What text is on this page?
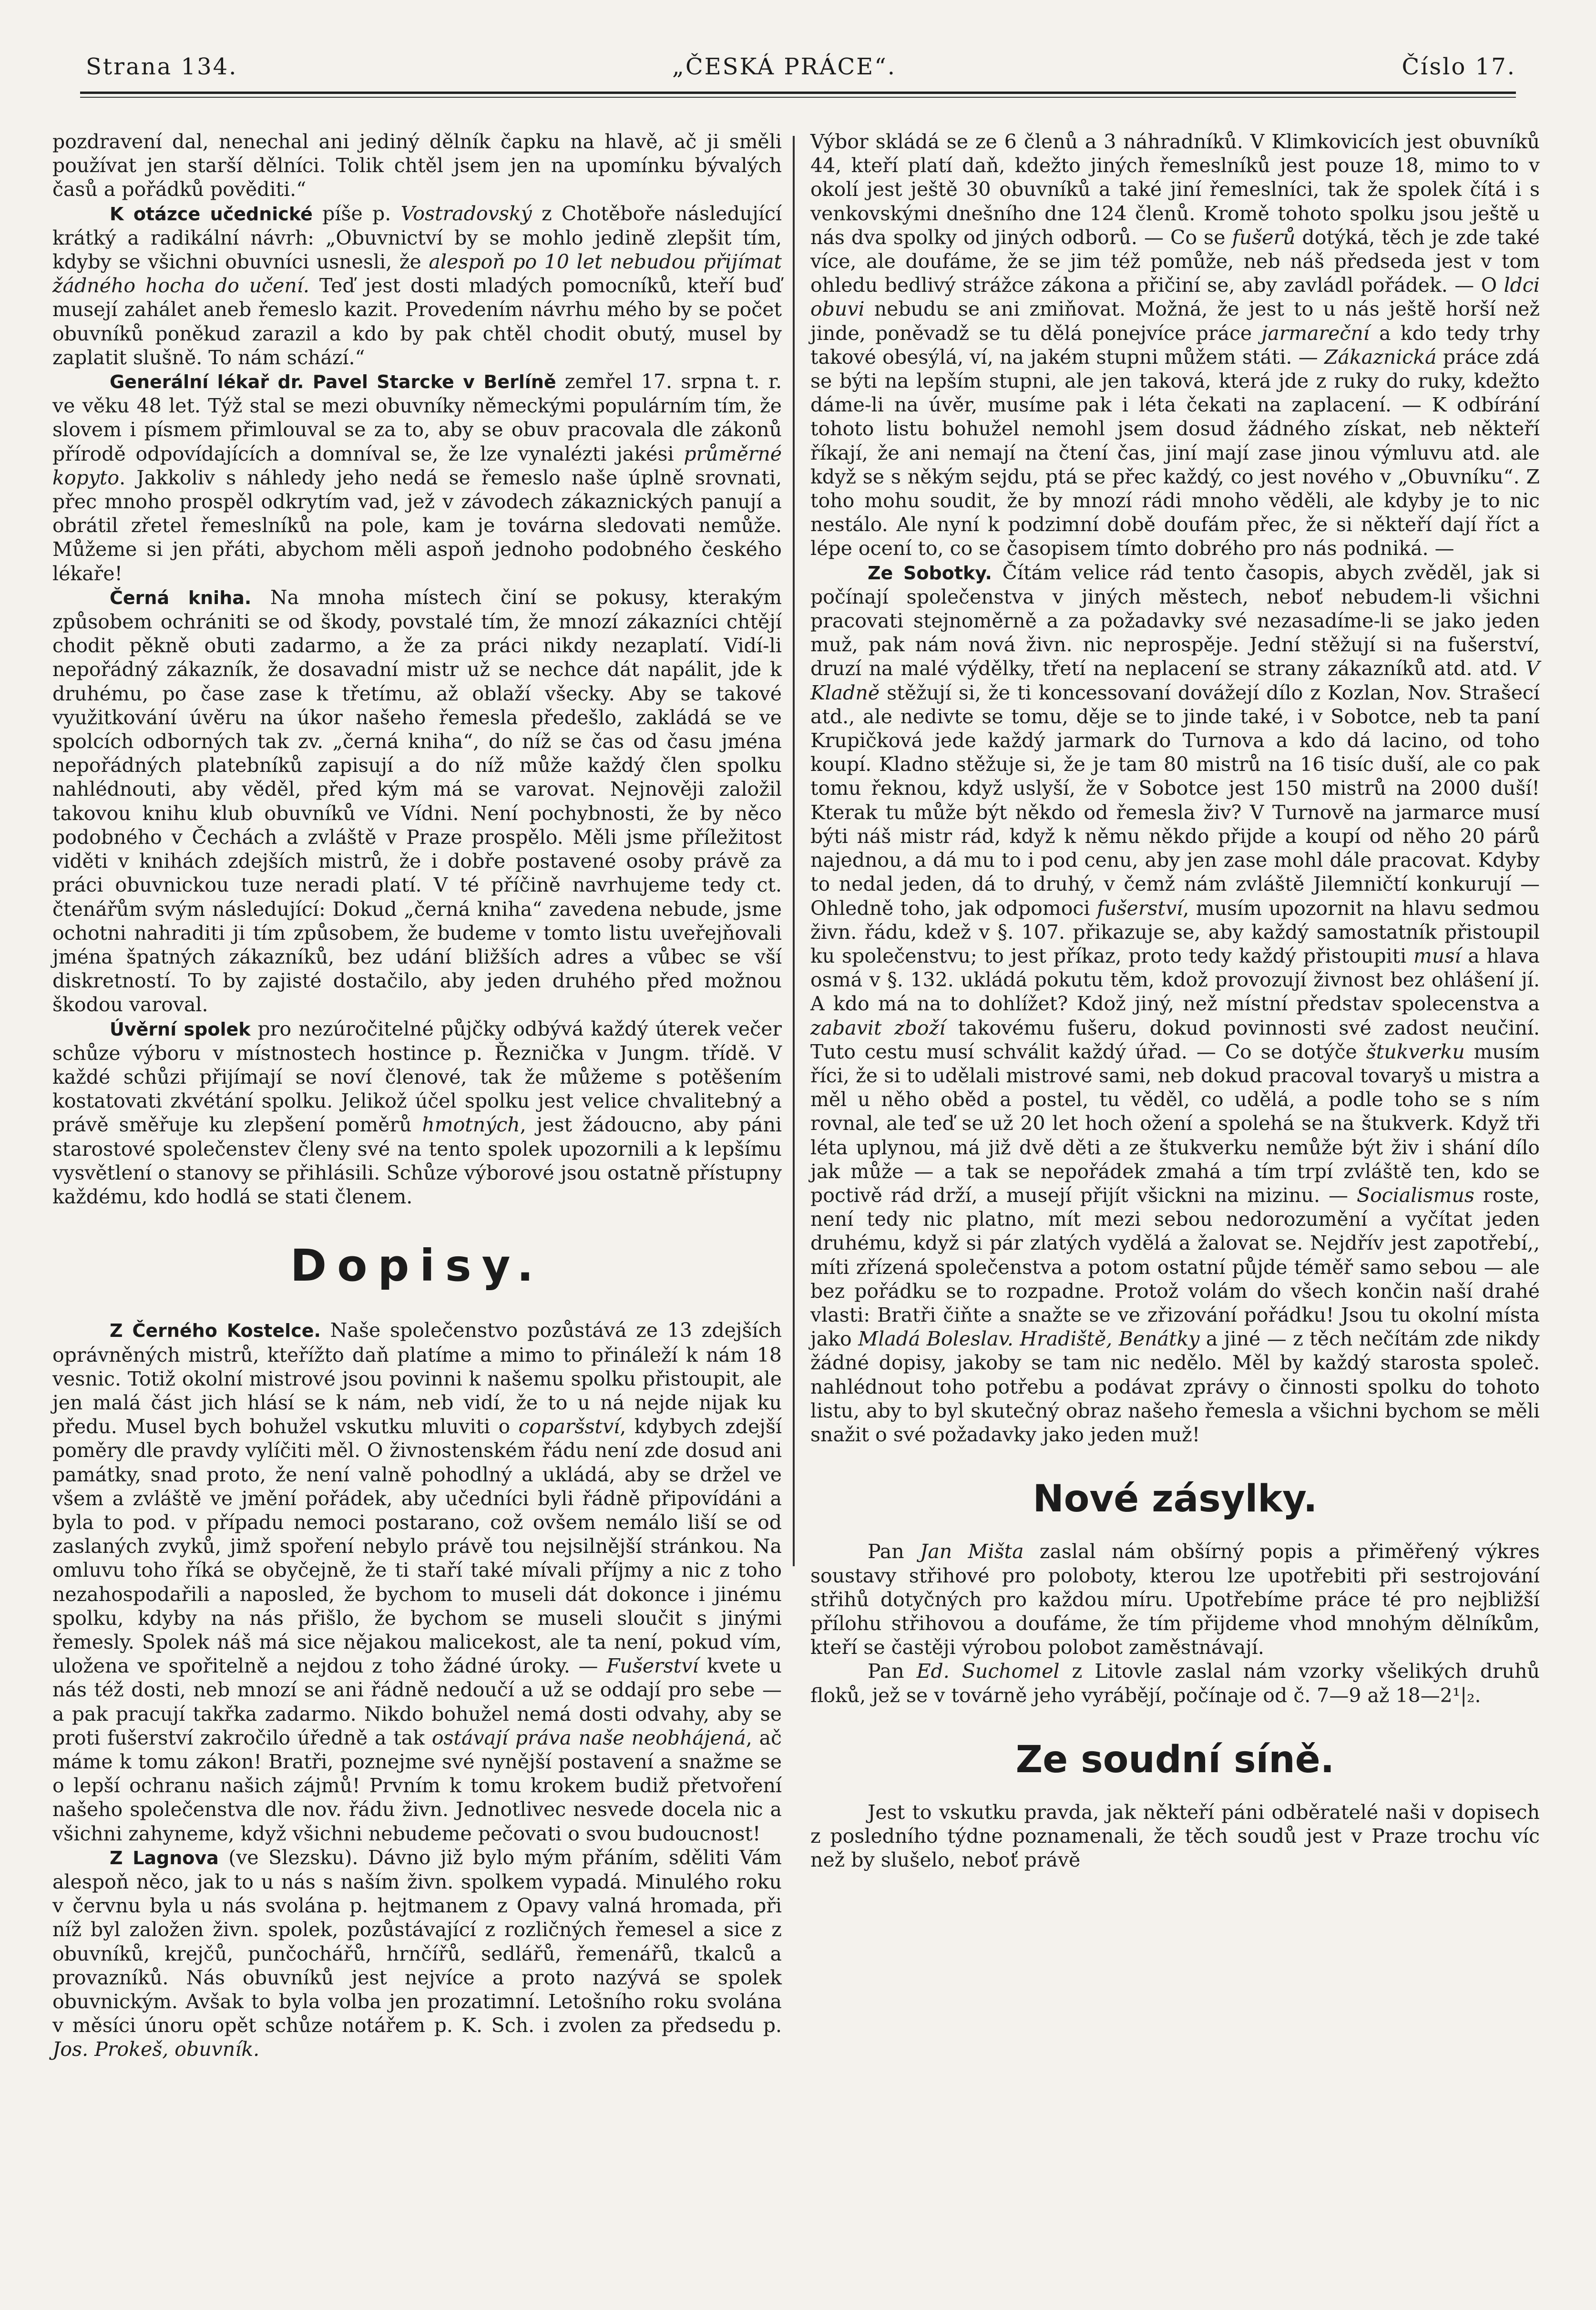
Strana 134.	„ČESKÁ PRÁCE“.	Číslo 17.

pozdravení dal, nenechal ani jediný dělník čapku na hlavě, ač ji směli používat jen starší dělníci. Tolik chtěl jsem jen na upomínku bývalých časů a pořádků pověditi.“

K otázce učednické píše p. Vostradovský z Chotěboře následující krátký a radikální návrh: „Obuvnictví by se mohlo jedině zlepšit tím, kdyby se všichni obuvníci usnesli, že alespoň po 10 let nebudou přijímat žádného hocha do učení. Teď jest dosti mladých pomocníků, kteří buď musejí zahálet aneb řemeslo kazit. Provedením návrhu mého by se počet obuvníků poněkud zarazil a kdo by pak chtěl chodit obutý, musel by zaplatit slušně. To nám schází.“

Generální lékař dr. Pavel Starcke v Berlíně zemřel 17. srpna t. r. ve věku 48 let. Týž stal se mezi obuvníky německými populárním tím, že slovem i písmem přimlouval se za to, aby se obuv pracovala dle zákonů přírodě odpovídajících a domníval se, že lze vynalézti jakési průměrné kopyto. Jakkoliv s náhledy jeho nedá se řemeslo naše úplně srovnati, přec mnoho prospěl odkrytím vad, jež v závodech zákaznických panují a obrátil zřetel řemeslníků na pole, kam je továrna sledovati nemůže. Můžeme si jen přáti, abychom měli aspoň jednoho podobného českého lékaře!

Černá kniha. Na mnoha místech činí se pokusy, kterakým způsobem ochrániti se od škody, povstalé tím, že mnozí zákazníci chtějí chodit pěkně obuti zadarmo, a že za práci nikdy nezaplatí. Vidí-li nepořádný zákazník, že dosavadní mistr už se nechce dát napálit, jde k druhému, po čase zase k třetímu, až oblaží všecky. Aby se takové využitkování úvěru na úkor našeho řemesla předešlo, zakládá se ve spolcích odborných tak zv. „černá kniha“, do níž se čas od času jména nepořádných platebníků zapisují a do níž může každý člen spolku nahlédnouti, aby věděl, před kým má se varovat. Nejnověji založil takovou knihu klub obuvníků ve Vídni. Není pochybnosti, že by něco podobného v Čechách a zvláště v Praze prospělo. Měli jsme příležitost viděti v knihách zdejších mistrů, že i dobře postavené osoby právě za práci obuvnickou tuze neradi platí. V té příčině navrhujeme tedy ct. čtenářům svým následující: Dokud „černá kniha“ zavedena nebude, jsme ochotni nahraditi ji tím způsobem, že budeme v tomto listu uveřejňovali jména špatných zákazníků, bez udání bližších adres a vůbec se vší diskretností. To by zajisté dostačilo, aby jeden druhého před možnou škodou varoval.

Úvěrní spolek pro nezúročitelné půjčky odbývá každý úterek večer schůze výboru v místnostech hostince p. Řeznička v Jungm. třídě. V každé schůzi přijímají se noví členové, tak že můžeme s potěšením kostatovati zkvétání spolku. Jelikož účel spolku jest velice chvalitebný a právě směřuje ku zlepšení poměrů hmotných, jest žádoucno, aby páni starostové společenstev členy své na tento spolek upozornili a k lepšímu vysvětlení o stanovy se přihlásili. Schůze výborové jsou ostatně přístupny každému, kdo hodlá se stati členem.

Dopisy.

Z Černého Kostelce. Naše společenstvo pozůstává ze 13 zdejších oprávněných mistrů, kteřížto daň platíme a mimo to přináleží k nám 18 vesnic. Totiž okolní mistrové jsou povinni k našemu spolku přistoupit, ale jen malá část jich hlásí se k nám, neb vidí, že to u ná nejde nijak ku předu. Musel bych bohužel vskutku mluviti o coparšství, kdybych zdejší poměry dle pravdy vylíčiti měl. O živnostenském řádu není zde dosud ani památky, snad proto, že není valně pohodlný a ukládá, aby se držel ve všem a zvláště ve jmění pořádek, aby učedníci byli řádně připovídáni a byla to pod. v případu nemoci postarano, což ovšem nemálo liší se od zaslaných zvyků, jimž spoření nebylo právě tou nejsilnější stránkou. Na omluvu toho říká se obyčejně, že ti staří také mívali příjmy a nic z toho nezahospodařili a naposled, že bychom to museli dát dokonce i jinému spolku, kdyby na nás přišlo, že bychom se museli sloučit s jinými řemesly. Spolek náš má sice nějakou malicekost, ale ta není, pokud vím, uložena ve spořitelně a nejdou z toho žádné úroky. — Fušerství kvete u nás též dosti, neb mnozí se ani řádně nedoučí a už se oddají pro sebe — a pak pracují takřka zadarmo. Nikdo bohužel nemá dosti odvahy, aby se proti fušerství zakročilo úředně a tak ostávají práva naše neobhájená, ač máme k tomu zákon! Bratři, poznejme své nynější postavení a snažme se o lepší ochranu našich zájmů! Prvním k tomu krokem budiž přetvoření našeho společenstva dle nov. řádu živn. Jednotlivec nesvede docela nic a všichni zahyneme, když všichni nebudeme pečovati o svou budoucnost!

Z Lagnova (ve Slezsku). Dávno již bylo mým přáním, sděliti Vám alespoň něco, jak to u nás s naším živn. spolkem vypadá. Minulého roku v červnu byla u nás svolána p. hejtmanem z Opavy valná hromada, při níž byl založen živn. spolek, pozůstávající z rozličných řemesel a sice z obuvníků, krejčů, punčochářů, hrnčířů, sedlářů, řemenářů, tkalců a provazníků. Nás obuvníků jest nejvíce a proto nazývá se spolek obuvnickým. Avšak to byla volba jen prozatimní. Letošního roku svolána v měsíci únoru opět schůze notářem p. K. Sch. i zvolen za předsedu p. Jos. Prokeš, obuvník.

Výbor skládá se ze 6 členů a 3 náhradníků. V Klimkovicích jest obuvníků 44, kteří platí daň, kdežto jiných řemeslníků jest pouze 18, mimo to v okolí jest ještě 30 obuvníků a také jiní řemeslníci, tak že spolek čítá i s venkovskými dnešního dne 124 členů. Kromě tohoto spolku jsou ještě u nás dva spolky od jiných odborů. — Co se fušerů dotýká, těch je zde také více, ale doufáme, že se jim též pomůže, neb náš předseda jest v tom ohledu bedlivý strážce zákona a přičiní se, aby zavládl pořádek. — O ldci obuvi nebudu se ani zmiňovat. Možná, že jest to u nás ještě horší než jinde, poněvadž se tu dělá ponejvíce práce jarmareční a kdo tedy trhy takové obesýlá, ví, na jakém stupni můžem státi. — Zákaznická práce zdá se býti na lepším stupni, ale jen taková, která jde z ruky do ruky, kdežto dáme-li na úvěr, musíme pak i léta čekati na zaplacení. — K odbírání tohoto listu bohužel nemohl jsem dosud žádného získat, neb někteří říkají, že ani nemají na čtení čas, jiní mají zase jinou výmluvu atd. ale když se s někým sejdu, ptá se přec každý, co jest nového v „Obuvníku“. Z toho mohu soudit, že by mnozí rádi mnoho věděli, ale kdyby je to nic nestálo. Ale nyní k podzimní době doufám přec, že si někteří dají říct a lépe ocení to, co se časopisem tímto dobrého pro nás podniká. —

Ze Sobotky. Čítám velice rád tento časopis, abych zvěděl, jak si počínají společenstva v jiných městech, neboť nebudem-li všichni pracovati stejnoměrně a za požadavky své nezasadíme-li se jako jeden muž, pak nám nová živn. nic neprospěje. Jední stěžují si na fušerství, druzí na malé výdělky, třetí na neplacení se strany zákazníků atd. atd. V Kladně stěžují si, že ti koncessovaní dovážejí dílo z Kozlan, Nov. Strašecí atd., ale nedivte se tomu, děje se to jinde také, i v Sobotce, neb ta paní Krupičková jede každý jarmark do Turnova a kdo dá lacino, od toho koupí. Kladno stěžuje si, že je tam 80 mistrů na 16 tisíc duší, ale co pak tomu řeknou, když uslyší, že v Sobotce jest 150 mistrů na 2000 duší! Kterak tu může být někdo od řemesla živ? V Turnově na jarmarce musí býti náš mistr rád, když k němu někdo přijde a koupí od něho 20 párů najednou, a dá mu to i pod cenu, aby jen zase mohl dále pracovat. Kdyby to nedal jeden, dá to druhý, v čemž nám zvláště Jilemničtí konkurují — Ohledně toho, jak odpomoci fušerství, musím upozornit na hlavu sedmou živn. řádu, kdež v §. 107. přikazuje se, aby každý samostatník přistoupil ku společenstvu; to jest příkaz, proto tedy každý přistoupiti musí a hlava osmá v §. 132. ukládá pokutu těm, kdož provozují živnost bez ohlášení jí. A kdo má na to dohlížet? Kdož jiný, než místní představ spolecenstva a zabavit zboží takovému fušeru, dokud povinnosti své zadost neučiní. Tuto cestu musí schválit každý úřad. — Co se dotýče štukverku musím říci, že si to udělali mistrové sami, neb dokud pracoval tovaryš u mistra a měl u něho oběd a postel, tu věděl, co udělá, a podle toho se s ním rovnal, ale teď se už 20 let hoch ožení a spolehá se na štukverk. Když tři léta uplynou, má již dvě děti a ze štukverku nemůže být živ i shání dílo jak může — a tak se nepořádek zmahá a tím trpí zvláště ten, kdo se poctivě rád drží, a musejí přijít všickni na mizinu. — Socialismus roste, není tedy nic platno, mít mezi sebou nedorozumění a vyčítat jeden druhému, když si pár zlatých vydělá a žalovat se. Nejdřív jest zapotřebí,, míti zřízená společenstva a potom ostatní půjde téměř samo sebou — ale bez pořádku se to rozpadne. Protož volám do všech končin naší drahé vlasti: Bratři čiňte a snažte se ve zřizování pořádku! Jsou tu okolní místa jako Mladá Boleslav. Hradiště, Benátky a jiné — z těch nečítám zde nikdy žádné dopisy, jakoby se tam nic nedělo. Měl by každý starosta společ. nahlédnout toho potřebu a podávat zprávy o činnosti spolku do tohoto listu, aby to byl skutečný obraz našeho řemesla a všichni bychom se měli snažit o své požadavky jako jeden muž!

Nové zásylky.

Pan Jan Mišta zaslal nám obšírný popis a přiměřený výkres soustavy střihové pro poloboty, kterou lze upotřebiti při sestrojování střihů dotyčných pro každou míru. Upotřebíme práce té pro nejbližší přílohu střihovou a doufáme, že tím přijdeme vhod mnohým dělníkům, kteří se častěji výrobou polobot zaměstnávají.

Pan Ed. Suchomel z Litovle zaslal nám vzorky všelikých druhů floků, jež se v továrně jeho vyrábějí, počínaje od č. 7—9 až 18—2¹|₂.

Ze soudní síně.

Jest to vskutku pravda, jak někteří páni odběratelé naši v dopisech z posledního týdne poznamenali, že těch soudů jest v Praze trochu víc než by slušelo, neboť právě
